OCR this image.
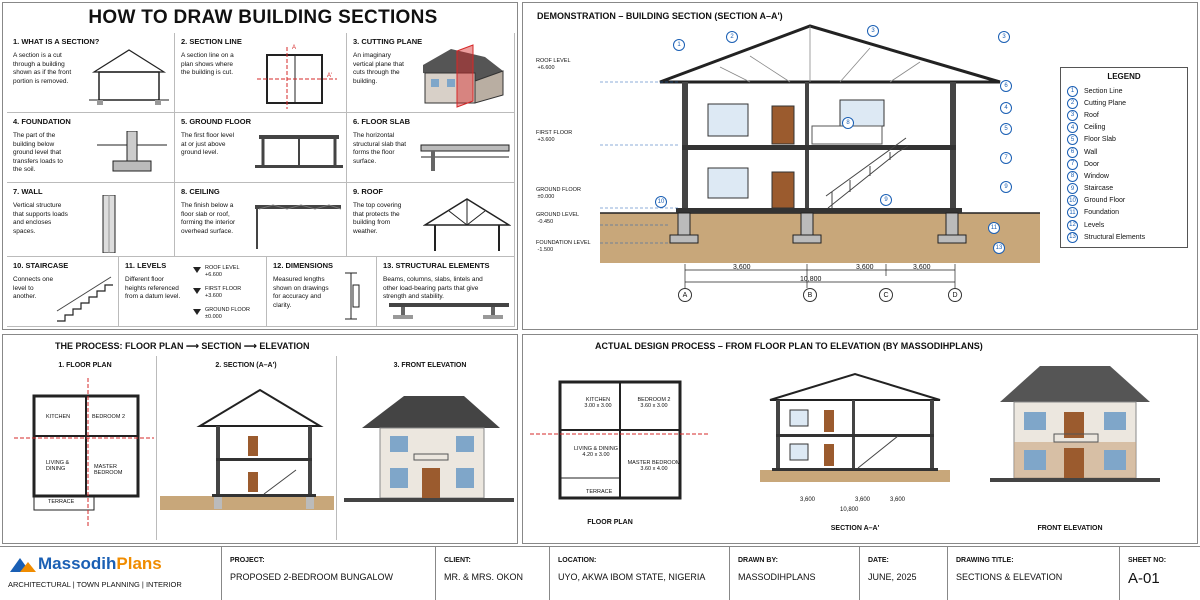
HOW TO DRAW BUILDING SECTIONS
1. WHAT IS A SECTION?

A section is a cut through a building shown as if the front portion is removed.

2. SECTION LINE

A section line on a plan shows where the building is cut.

A
A'
3. CUTTING PLANE

An imaginary vertical plane that cuts through the building.

4. FOUNDATION

The part of the building below ground level that transfers loads to the soil.

5. GROUND FLOOR

The first floor level at or just above ground level.

6. FLOOR SLAB

The horizontal structural slab that forms the floor surface.

7. WALL

Vertical structure that supports loads and encloses spaces.

8. CEILING

The finish below a floor slab or roof, forming the interior overhead surface.

9. ROOF

The top covering that protects the building from weather.

10. STAIRCASE

Connects one level to another.

11. LEVELS

Different floor heights referenced from a datum level.

ROOF LEVEL
+6.600
FIRST FLOOR
+3.600
GROUND FLOOR
±0.000
12. DIMENSIONS

Measured lengths shown on drawings for accuracy and clarity.

13. STRUCTURAL ELEMENTS

Beams, columns, slabs, lintels and other load-bearing parts that give strength and stability.

DEMONSTRATION – BUILDING SECTION (SECTION A–A')
ROOF LEVEL
+6.600
FIRST FLOOR
+3.600
GROUND FLOOR
±0.000
GROUND LEVEL
-0.450
FOUNDATION LEVEL
-1.500
3,600	3,600	3,600
10,800
A	B	C	D
1
2
3
3
6
4
5
7
9
11
13
10	9
8
LEGEND
1	Section Line
2	Cutting Plane
3	Roof
4	Ceiling
5	Floor Slab
6	Wall
7	Door
8	Window
9	Staircase
10	Ground Floor
11	Foundation
12	Levels
13	Structural Elements
THE PROCESS: FLOOR PLAN ⟶ SECTION ⟶ ELEVATION
1. FLOOR PLAN	2. SECTION (A–A')	3. FRONT ELEVATION
KITCHEN	BEDROOM 2
LIVING & DINING	MASTER BEDROOM
TERRACE
ACTUAL DESIGN PROCESS – FROM FLOOR PLAN TO ELEVATION (BY MASSODIHPLANS)
KITCHEN
3.00 x 3.00
BEDROOM 2
3.60 x 3.00
LIVING & DINING
4.20 x 3.00
MASTER BEDROOM
3.60 x 4.00
TERRACE
FLOOR PLAN
3,600	3,600	3,600
10,800
SECTION A–A'	FRONT ELEVATION
Massodih Plans
ARCHITECTURAL | TOWN PLANNING | INTERIOR
PROJECT:
PROPOSED 2-BEDROOM BUNGALOW
CLIENT:
MR. & MRS. OKON
LOCATION:
UYO, AKWA IBOM STATE, NIGERIA
DRAWN BY:
MASSODIHPLANS
DATE:
JUNE, 2025
DRAWING TITLE:
SECTIONS & ELEVATION
SHEET NO:
A-01
